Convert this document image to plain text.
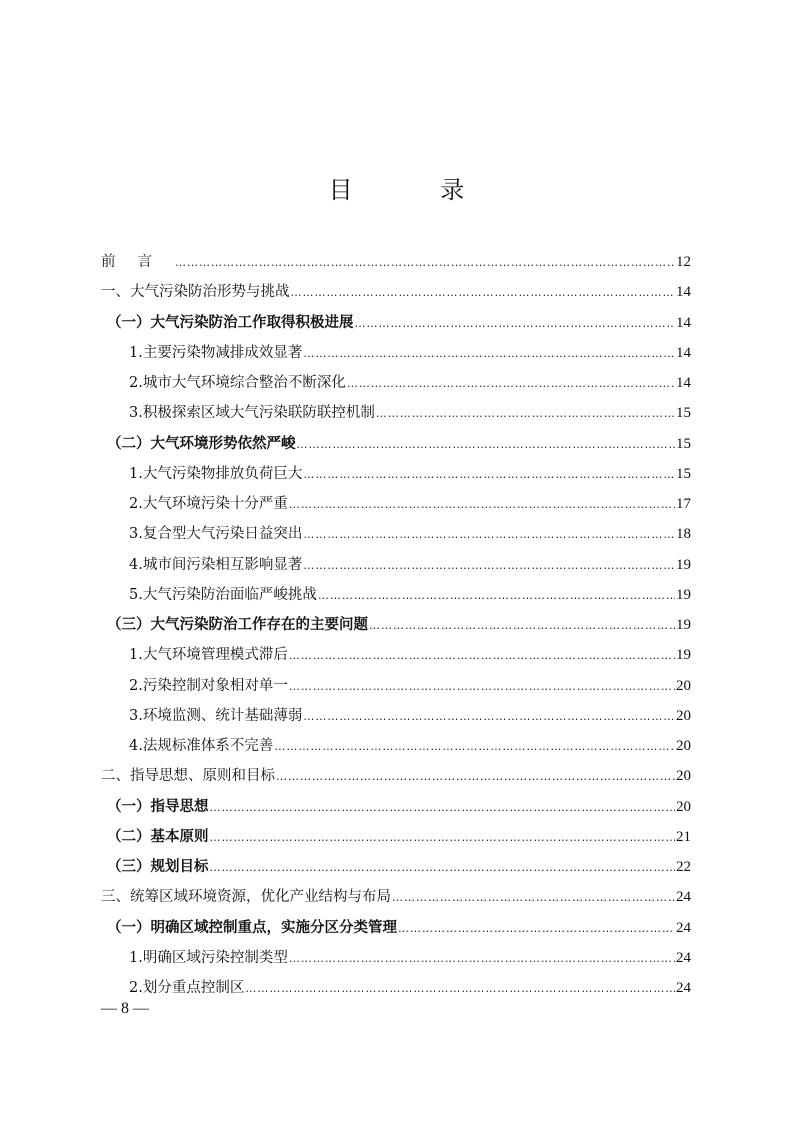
目 录
前言 ………………………………………………………………………………………………………………………………………………………………………………………………	12
一、大气污染防治形势与挑战 ………………………………………………………………………………………………………………………………………………………………………………………………	14
（一）大气污染防治工作取得积极进展 ………………………………………………………………………………………………………………………………………………………………………………………………	14
1.主要污染物减排成效显著 ………………………………………………………………………………………………………………………………………………………………………………………………	14
2.城市大气环境综合整治不断深化 ………………………………………………………………………………………………………………………………………………………………………………………………	14
3.积极探索区域大气污染联防联控机制 ………………………………………………………………………………………………………………………………………………………………………………………………	15
（二）大气环境形势依然严峻 ………………………………………………………………………………………………………………………………………………………………………………………………	15
1.大气污染物排放负荷巨大 ………………………………………………………………………………………………………………………………………………………………………………………………	15
2.大气环境污染十分严重 ………………………………………………………………………………………………………………………………………………………………………………………………	17
3.复合型大气污染日益突出 ………………………………………………………………………………………………………………………………………………………………………………………………	18
4.城市间污染相互影响显著 ………………………………………………………………………………………………………………………………………………………………………………………………	19
5.大气污染防治面临严峻挑战 ………………………………………………………………………………………………………………………………………………………………………………………………	19
（三）大气污染防治工作存在的主要问题 ………………………………………………………………………………………………………………………………………………………………………………………………	19
1.大气环境管理模式滞后 ………………………………………………………………………………………………………………………………………………………………………………………………	19
2.污染控制对象相对单一 ………………………………………………………………………………………………………………………………………………………………………………………………	20
3.环境监测、统计基础薄弱 ………………………………………………………………………………………………………………………………………………………………………………………………	20
4.法规标准体系不完善 ………………………………………………………………………………………………………………………………………………………………………………………………	20
二、指导思想、原则和目标 ………………………………………………………………………………………………………………………………………………………………………………………………	20
（一）指导思想 ………………………………………………………………………………………………………………………………………………………………………………………………	20
（二）基本原则 ………………………………………………………………………………………………………………………………………………………………………………………………	21
（三）规划目标 ………………………………………………………………………………………………………………………………………………………………………………………………	22
三、统筹区域环境资源，优化产业结构与布局 ………………………………………………………………………………………………………………………………………………………………………………………………	24
（一）明确区域控制重点，实施分区分类管理 ………………………………………………………………………………………………………………………………………………………………………………………………	24
1.明确区域污染控制类型 ………………………………………………………………………………………………………………………………………………………………………………………………	24
2.划分重点控制区 ………………………………………………………………………………………………………………………………………………………………………………………………	24
— 8 —
